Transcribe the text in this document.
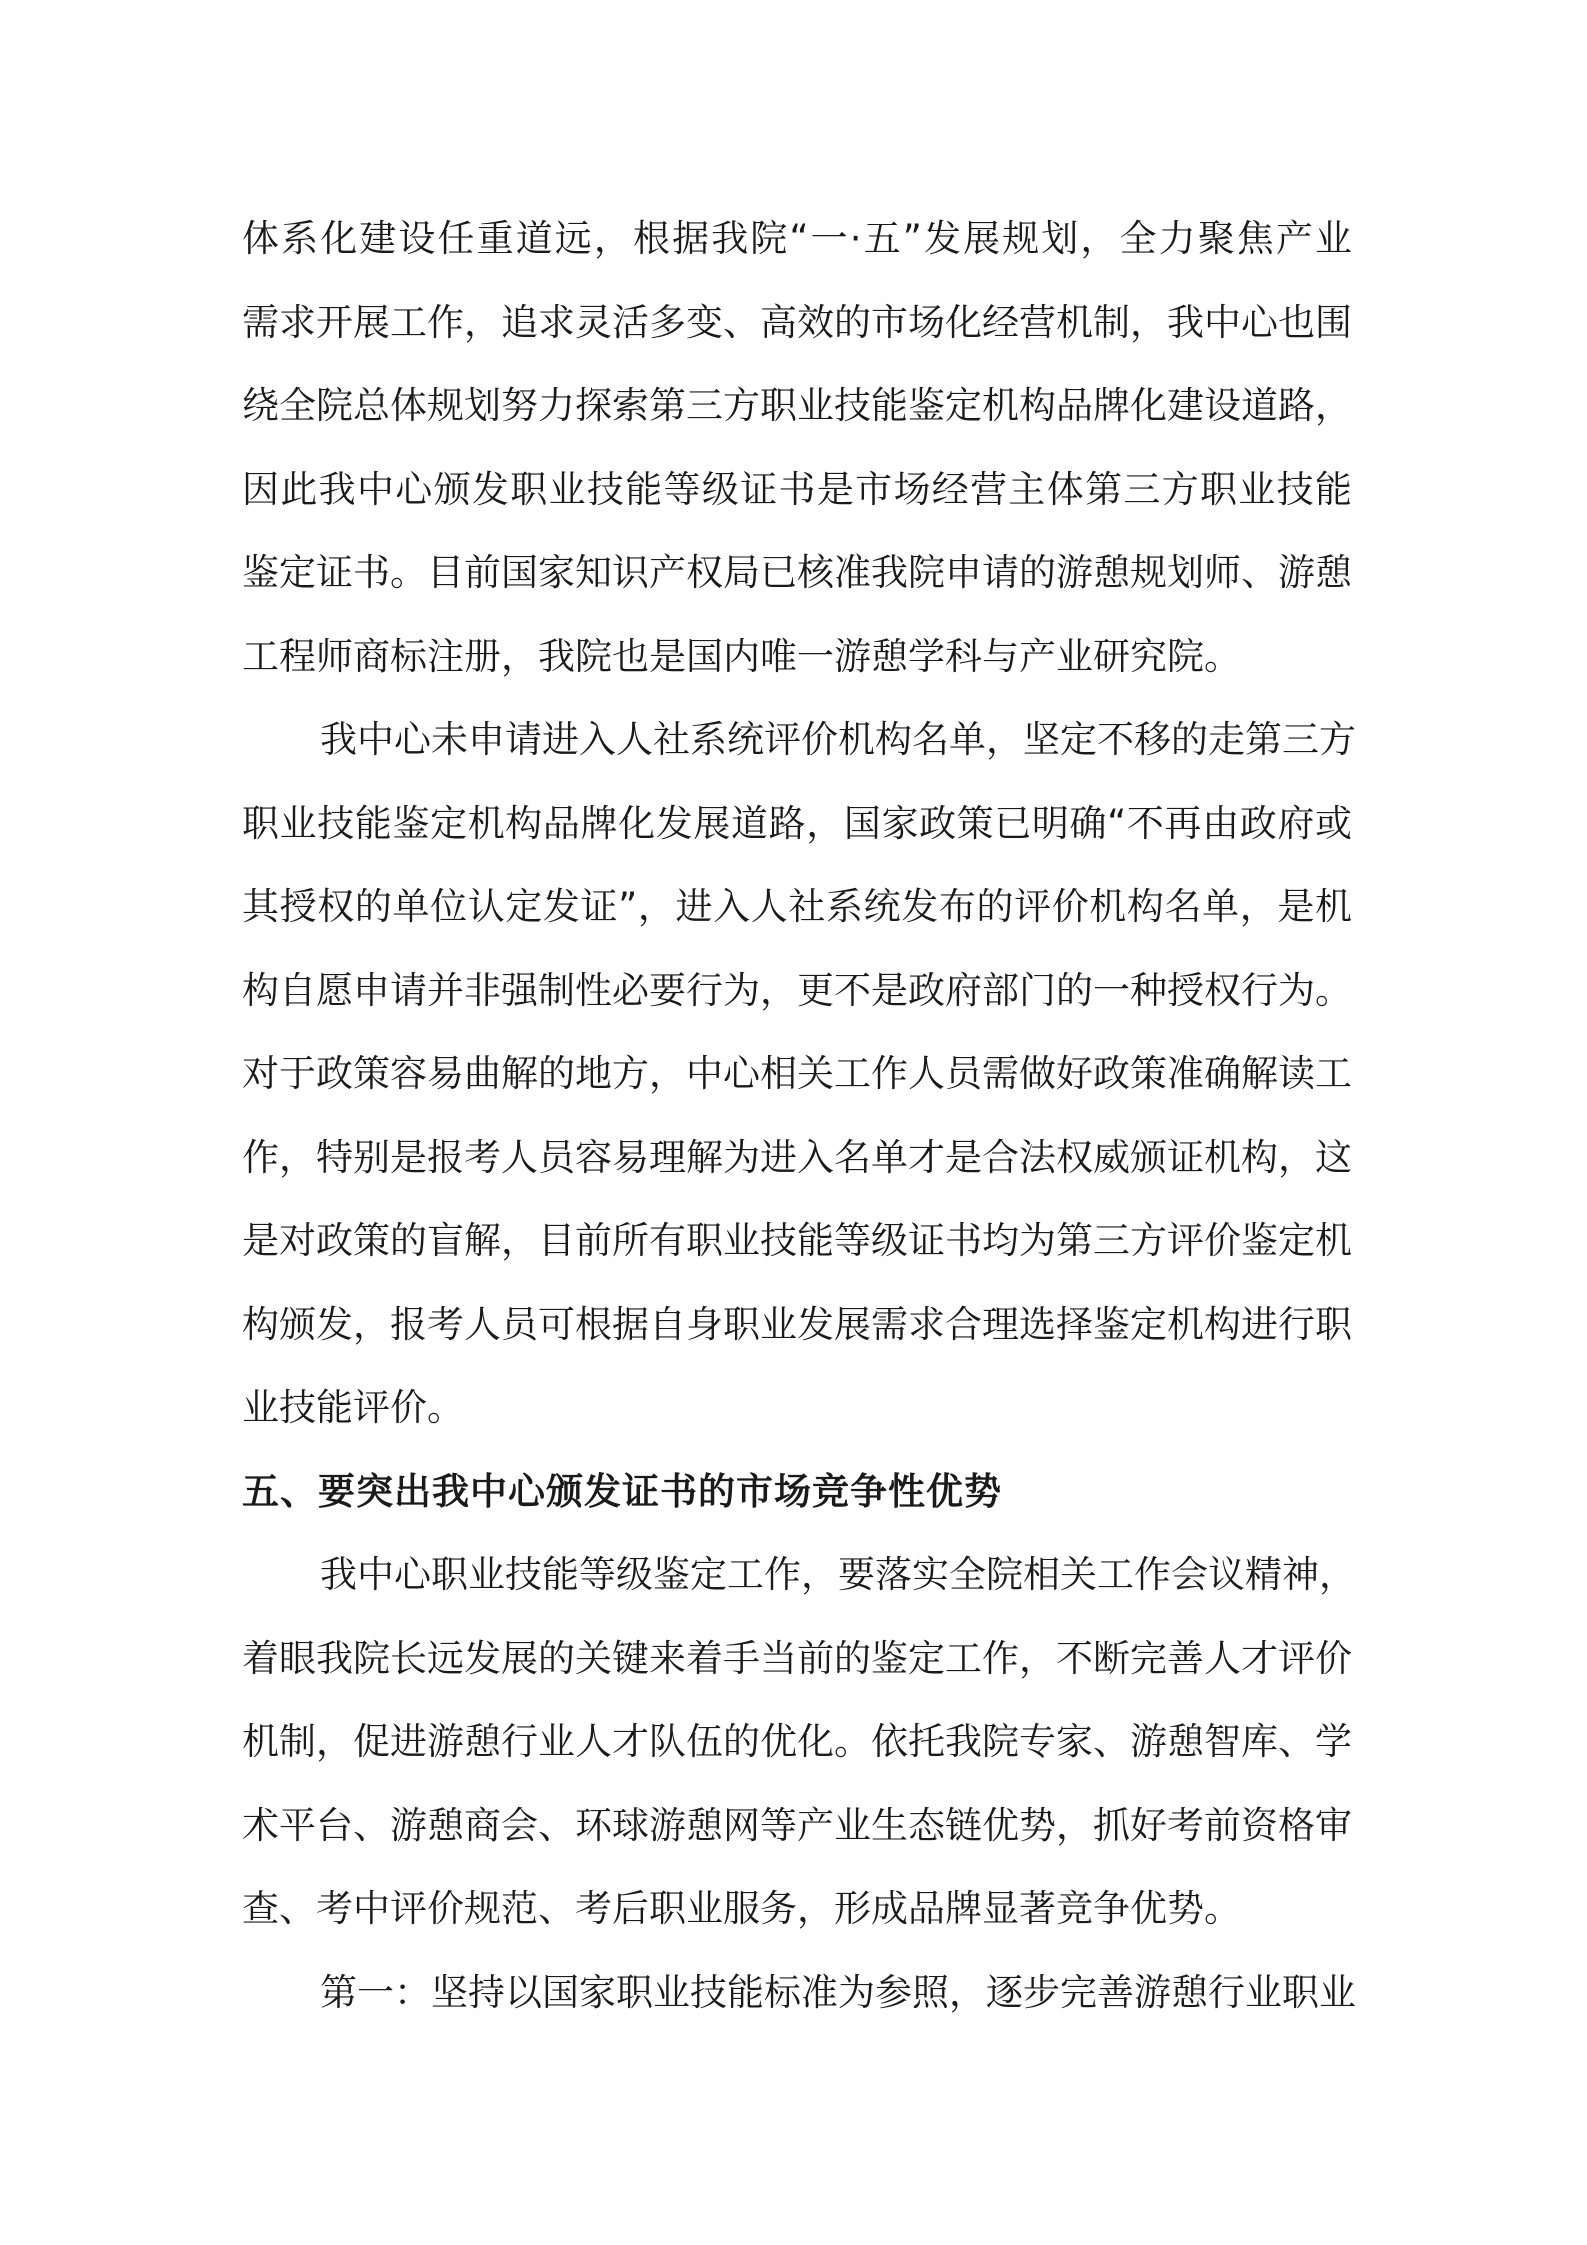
体系化建设任重道远，根据我院“一·五”发展规划，全力聚焦产业
需求开展工作，追求灵活多变、高效的市场化经营机制，我中心也围
绕全院总体规划努力探索第三方职业技能鉴定机构品牌化建设道路，
因此我中心颁发职业技能等级证书是市场经营主体第三方职业技能
鉴定证书。目前国家知识产权局已核准我院申请的游憩规划师、游憩
工程师商标注册，我院也是国内唯一游憩学科与产业研究院。
我中心未申请进入人社系统评价机构名单，坚定不移的走第三方
职业技能鉴定机构品牌化发展道路，国家政策已明确“不再由政府或
其授权的单位认定发证”，进入人社系统发布的评价机构名单，是机
构自愿申请并非强制性必要行为，更不是政府部门的一种授权行为。
对于政策容易曲解的地方，中心相关工作人员需做好政策准确解读工
作，特别是报考人员容易理解为进入名单才是合法权威颁证机构，这
是对政策的盲解，目前所有职业技能等级证书均为第三方评价鉴定机
构颁发，报考人员可根据自身职业发展需求合理选择鉴定机构进行职
业技能评价。
五、要突出我中心颁发证书的市场竞争性优势
我中心职业技能等级鉴定工作，要落实全院相关工作会议精神，
着眼我院长远发展的关键来着手当前的鉴定工作，不断完善人才评价
机制，促进游憩行业人才队伍的优化。依托我院专家、游憩智库、学
术平台、游憩商会、环球游憩网等产业生态链优势，抓好考前资格审
查、考中评价规范、考后职业服务，形成品牌显著竞争优势。
第一：坚持以国家职业技能标准为参照，逐步完善游憩行业职业
